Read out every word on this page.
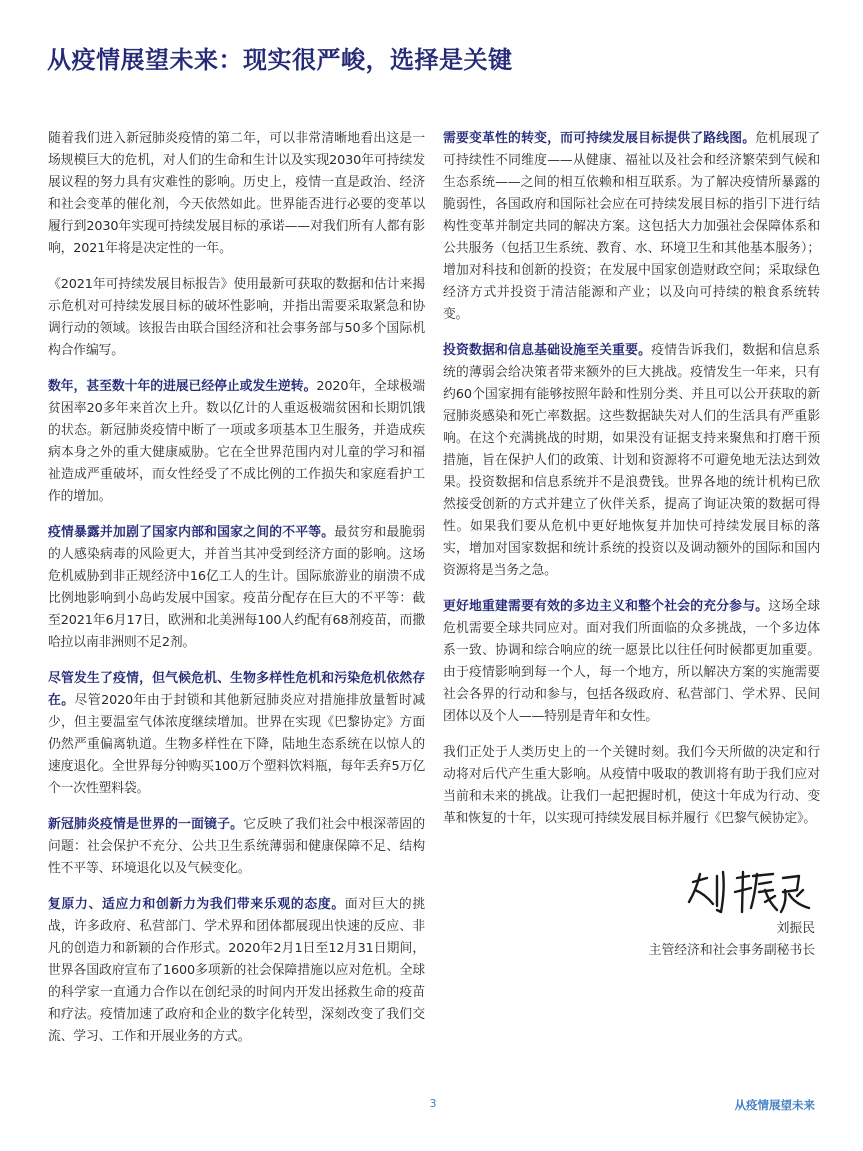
从疫情展望未来：现实很严峻，选择是关键

随着我们进入新冠肺炎疫情的第二年，可以非常清晰地看出这是一场规模巨大的危机，对人们的生命和生计以及实现2030年可持续发展议程的努力具有灾难性的影响。历史上，疫情一直是政治、经济和社会变革的催化剂，今天依然如此。世界能否进行必要的变革以履行到2030年实现可持续发展目标的承诺——对我们所有人都有影响，2021年将是决定性的一年。

《2021年可持续发展目标报告》使用最新可获取的数据和估计来揭示危机对可持续发展目标的破坏性影响，并指出需要采取紧急和协调行动的领域。该报告由联合国经济和社会事务部与50多个国际机构合作编写。

数年，甚至数十年的进展已经停止或发生逆转。2020年，全球极端贫困率20多年来首次上升。数以亿计的人重返极端贫困和长期饥饿的状态。新冠肺炎疫情中断了一项或多项基本卫生服务，并造成疾病本身之外的重大健康威胁。它在全世界范围内对儿童的学习和福祉造成严重破坏，而女性经受了不成比例的工作损失和家庭看护工作的增加。

疫情暴露并加剧了国家内部和国家之间的不平等。最贫穷和最脆弱的人感染病毒的风险更大，并首当其冲受到经济方面的影响。这场危机威胁到非正规经济中16亿工人的生计。国际旅游业的崩溃不成比例地影响到小岛屿发展中国家。疫苗分配存在巨大的不平等：截至2021年6月17日，欧洲和北美洲每100人约配有68剂疫苗，而撒哈拉以南非洲则不足2剂。

尽管发生了疫情，但气候危机、生物多样性危机和污染危机依然存在。尽管2020年由于封锁和其他新冠肺炎应对措施排放量暂时减少，但主要温室气体浓度继续增加。世界在实现《巴黎协定》方面仍然严重偏离轨道。生物多样性在下降，陆地生态系统在以惊人的速度退化。全世界每分钟购买100万个塑料饮料瓶，每年丢弃5万亿个一次性塑料袋。

新冠肺炎疫情是世界的一面镜子。它反映了我们社会中根深蒂固的问题：社会保护不充分、公共卫生系统薄弱和健康保障不足、结构性不平等、环境退化以及气候变化。

复原力、适应力和创新力为我们带来乐观的态度。面对巨大的挑战，许多政府、私营部门、学术界和团体都展现出快速的反应、非凡的创造力和新颖的合作形式。2020年2月1日至12月31日期间，世界各国政府宣布了1600多项新的社会保障措施以应对危机。全球的科学家一直通力合作以在创纪录的时间内开发出拯救生命的疫苗和疗法。疫情加速了政府和企业的数字化转型，深刻改变了我们交流、学习、工作和开展业务的方式。

需要变革性的转变，而可持续发展目标提供了路线图。危机展现了可持续性不同维度——从健康、福祉以及社会和经济繁荣到气候和生态系统——之间的相互依赖和相互联系。为了解决疫情所暴露的脆弱性，各国政府和国际社会应在可持续发展目标的指引下进行结构性变革并制定共同的解决方案。这包括大力加强社会保障体系和公共服务（包括卫生系统、教育、水、环境卫生和其他基本服务）；增加对科技和创新的投资；在发展中国家创造财政空间；采取绿色经济方式并投资于清洁能源和产业；以及向可持续的粮食系统转变。

投资数据和信息基础设施至关重要。疫情告诉我们，数据和信息系统的薄弱会给决策者带来额外的巨大挑战。疫情发生一年来，只有约60个国家拥有能够按照年龄和性别分类、并且可以公开获取的新冠肺炎感染和死亡率数据。这些数据缺失对人们的生活具有严重影响。在这个充满挑战的时期，如果没有证据支持来聚焦和打磨干预措施，旨在保护人们的政策、计划和资源将不可避免地无法达到效果。投资数据和信息系统并不是浪费钱。世界各地的统计机构已欣然接受创新的方式并建立了伙伴关系，提高了询证决策的数据可得性。如果我们要从危机中更好地恢复并加快可持续发展目标的落实，增加对国家数据和统计系统的投资以及调动额外的国际和国内资源将是当务之急。

更好地重建需要有效的多边主义和整个社会的充分参与。这场全球危机需要全球共同应对。面对我们所面临的众多挑战，一个多边体系一致、协调和综合响应的统一愿景比以往任何时候都更加重要。由于疫情影响到每一个人，每一个地方，所以解决方案的实施需要社会各界的行动和参与，包括各级政府、私营部门、学术界、民间团体以及个人——特别是青年和女性。

我们正处于人类历史上的一个关键时刻。我们今天所做的决定和行动将对后代产生重大影响。从疫情中吸取的教训将有助于我们应对当前和未来的挑战。让我们一起把握时机，使这十年成为行动、变革和恢复的十年，以实现可持续发展目标并履行《巴黎气候协定》。

刘振民
主管经济和社会事务副秘书长
3	从疫情展望未来
